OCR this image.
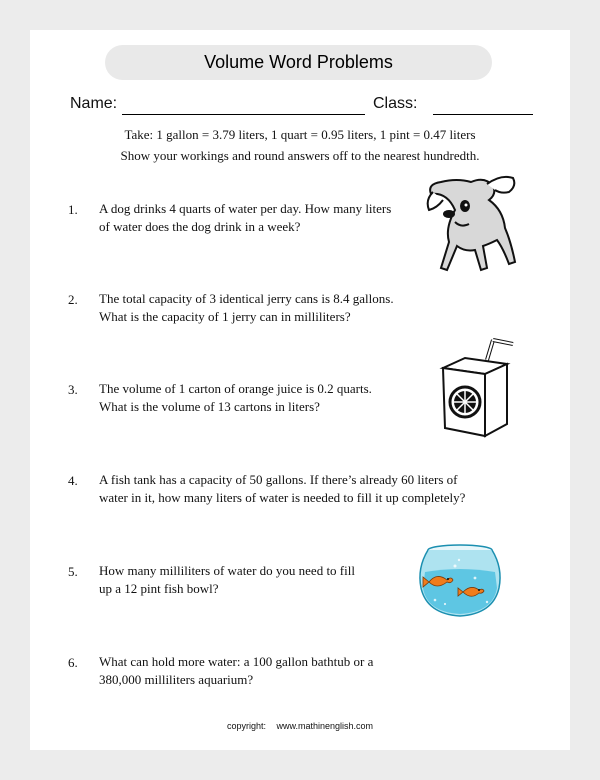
Volume Word Problems
Name:	Class:
Take: 1 gallon = 3.79 liters, 1 quart = 0.95 liters, 1 pint = 0.47 liters
Show your workings and round answers off to the nearest hundredth.
1. A dog drinks 4 quarts of water per day. How many liters
of water does the dog drink in a week?
2. The total capacity of 3 identical jerry cans is 8.4 gallons.
What is the capacity of 1 jerry can in milliliters?
3. The volume of 1 carton of orange juice is 0.2 quarts.
What is the volume of 13 cartons in liters?
4. A fish tank has a capacity of 50 gallons. If there’s already 60 liters of
water in it, how many liters of water is needed to fill it up completely?
5. How many milliliters of water do you need to fill
up a 12 pint fish bowl?
6. What can hold more water: a 100 gallon bathtub or a
380,000 milliliters aquarium?
copyright: www.mathinenglish.com
